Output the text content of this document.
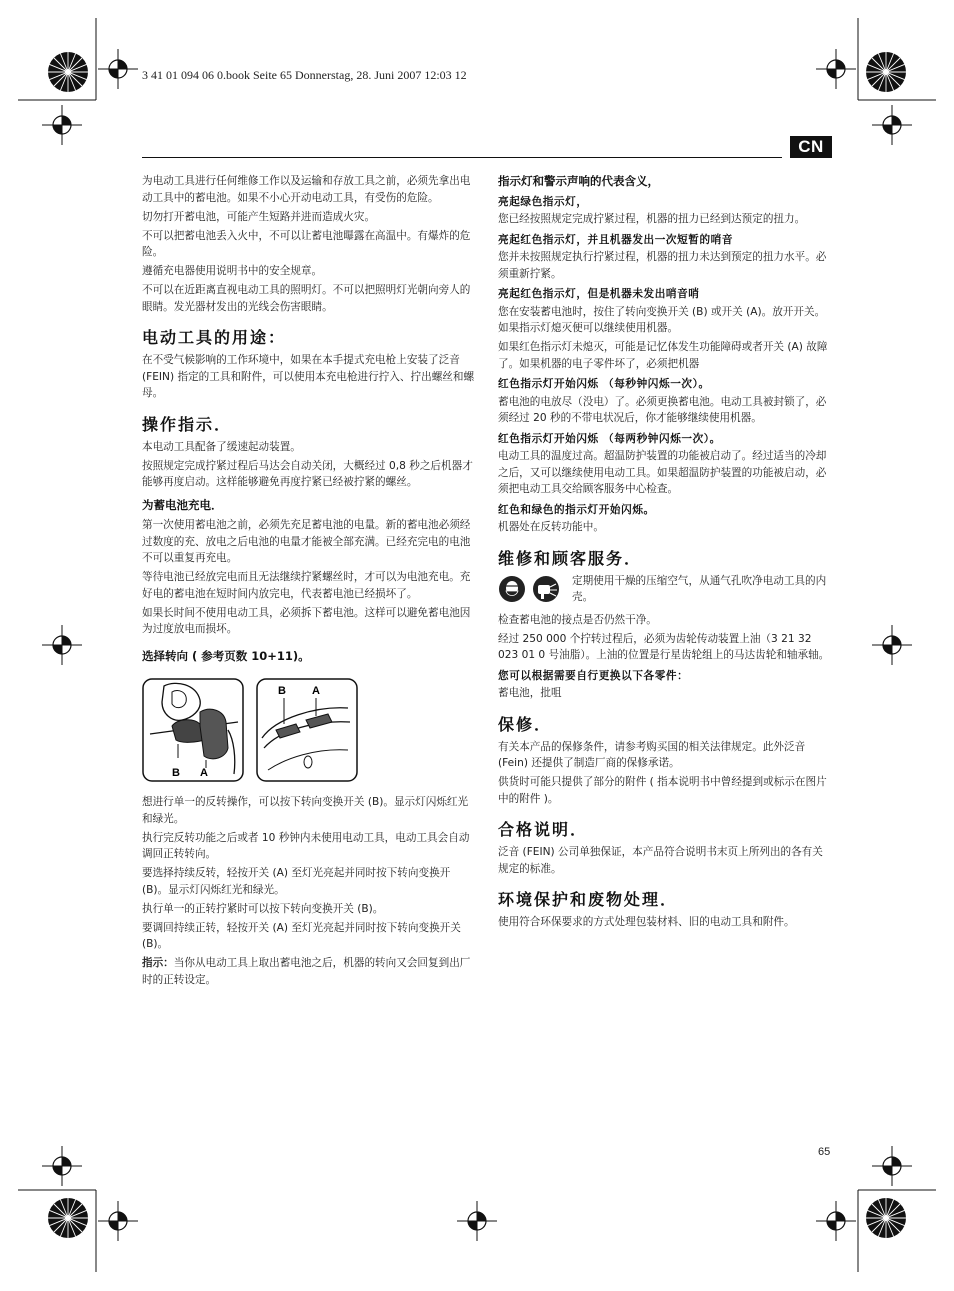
3 41 01 094 06 0.book Seite 65 Donnerstag, 28. Juni 2007 12:03 12
CN

为电动工具进行任何维修工作以及运输和存放工具之前，必须先拿出电动工具中的蓄电池。如果不小心开动电动工具，有受伤的危险。

切勿打开蓄电池，可能产生短路并进而造成火灾。

不可以把蓄电池丢入火中，不可以让蓄电池曝露在高温中。有爆炸的危险。

遵循充电器使用说明书中的安全规章。

不可以在近距离直视电动工具的照明灯。不可以把照明灯光朝向旁人的眼睛。发光器材发出的光线会伤害眼睛。

电动工具的用途：

在不受气候影响的工作环境中，如果在本手提式充电枪上安装了泛音 (FEIN) 指定的工具和附件，可以使用本充电枪进行拧入、拧出螺丝和螺母。

操作指示．

本电动工具配备了缓速起动装置。

按照规定完成拧紧过程后马达会自动关闭，大概经过 0,8 秒之后机器才能够再度启动。这样能够避免再度拧紧已经被拧紧的螺丝。

为蓄电池充电．

第一次使用蓄电池之前，必须先充足蓄电池的电量。新的蓄电池必须经过数度的充、放电之后电池的电量才能被全部充满。已经充完电的电池不可以重复再充电。

等待电池已经放完电而且无法继续拧紧螺丝时，才可以为电池充电。充好电的蓄电池在短时间内放完电，代表蓄电池已经损坏了。

如果长时间不使用电动工具，必须拆下蓄电池。这样可以避免蓄电池因为过度放电而损坏。

选择转向 ( 参考页数 10+11)。
B A
B A

想进行单一的反转操作，可以按下转向变换开关 (B)。显示灯闪烁红光和绿光。

执行完反转功能之后或者 10 秒钟内未使用电动工具，电动工具会自动调回正转转向。

要选择持续反转，轻按开关 (A) 至灯光亮起并同时按下转向变换开 (B)。显示灯闪烁红光和绿光。

执行单一的正转拧紧时可以按下转向变换开关 (B)。

要调回持续正转，轻按开关 (A) 至灯光亮起并同时按下转向变换开关 (B)。

指示：当你从电动工具上取出蓄电池之后，机器的转向又会回复到出厂时的正转设定。

指示灯和警示声响的代表含义，
亮起绿色指示灯，

您已经按照规定完成拧紧过程，机器的扭力已经到达预定的扭力。

亮起红色指示灯，并且机器发出一次短暂的哨音

您并未按照规定执行拧紧过程，机器的扭力未达到预定的扭力水平。必须重新拧紧。

亮起红色指示灯，但是机器未发出哨音哨

您在安装蓄电池时，按住了转向变换开关 (B) 或开关 (A)。放开开关。如果指示灯熄灭便可以继续使用机器。

如果红色指示灯未熄灭，可能是记忆体发生功能障碍或者开关 (A) 故障了。如果机器的电子零件坏了，必须把机器

红色指示灯开始闪烁 （每秒钟闪烁一次）。

蓄电池的电放尽（没电）了。必须更换蓄电池。电动工具被封锁了，必须经过 20 秒的不带电状况后，你才能够继续使用机器。

红色指示灯开始闪烁 （每两秒钟闪烁一次）。

电动工具的温度过高。超温防护装置的功能被启动了。经过适当的冷却之后，又可以继续使用电动工具。如果超温防护装置的功能被启动，必须把电动工具交给顾客服务中心检查。

红色和绿色的指示灯开始闪烁。

机器处在反转功能中。

维修和顾客服务．
定期使用干燥的压缩空气，从通气孔吹净电动工具的内壳。

检查蓄电池的接点是否仍然干净。

经过 250 000 个拧转过程后，必须为齿轮传动装置上油（3 21 32 023 01 0 号油脂）。上油的位置是行星齿轮组上的马达齿轮和轴承轴。

您可以根据需要自行更换以下各零件：

蓄电池，批咀

保修．

有关本产品的保修条件，请参考购买国的相关法律规定。此外泛音 (Fein) 还提供了制造厂商的保修承诺。

供货时可能只提供了部分的附件 ( 指本说明书中曾经提到或标示在图片中的附件 )。

合格说明．

泛音 (FEIN) 公司单独保证，本产品符合说明书末页上所列出的各有关规定的标准。

环境保护和废物处理．

使用符合环保要求的方式处理包装材料、旧的电动工具和附件。

65
